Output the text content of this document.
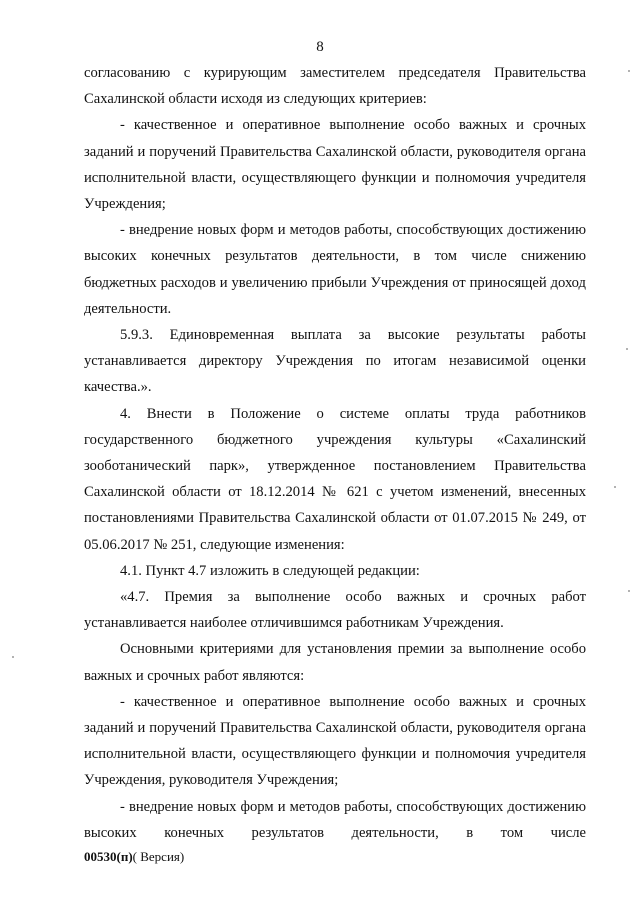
8

согласованию с курирующим заместителем председателя Правительства Сахалинской области исходя из следующих критериев:

- качественное и оперативное выполнение особо важных и срочных заданий и поручений Правительства Сахалинской области, руководителя органа исполнительной власти, осуществляющего функции и полномочия учредителя Учреждения;

- внедрение новых форм и методов работы, способствующих достижению высоких конечных результатов деятельности, в том числе снижению бюджетных расходов и увеличению прибыли Учреждения от приносящей доход деятельности.

5.9.3. Единовременная выплата за высокие результаты работы устанавливается директору Учреждения по итогам независимой оценки качества.».

4. Внести в Положение о системе оплаты труда работников государственного бюджетного учреждения культуры «Сахалинский зооботанический парк», утвержденное постановлением Правительства Сахалинской области от 18.12.2014 № 621 с учетом изменений, внесенных постановлениями Правительства Сахалинской области от 01.07.2015 № 249, от 05.06.2017 № 251, следующие изменения:

4.1. Пункт 4.7 изложить в следующей редакции:

«4.7. Премия за выполнение особо важных и срочных работ устанавливается наиболее отличившимся работникам Учреждения.

Основными критериями для установления премии за выполнение особо важных и срочных работ являются:

- качественное и оперативное выполнение особо важных и срочных заданий и поручений Правительства Сахалинской области, руководителя органа исполнительной власти, осуществляющего функции и полномочия учредителя Учреждения, руководителя Учреждения;

- внедрение новых форм и методов работы, способствующих достижению высоких конечных результатов деятельности, в том числе

00530(п)( Версия)
